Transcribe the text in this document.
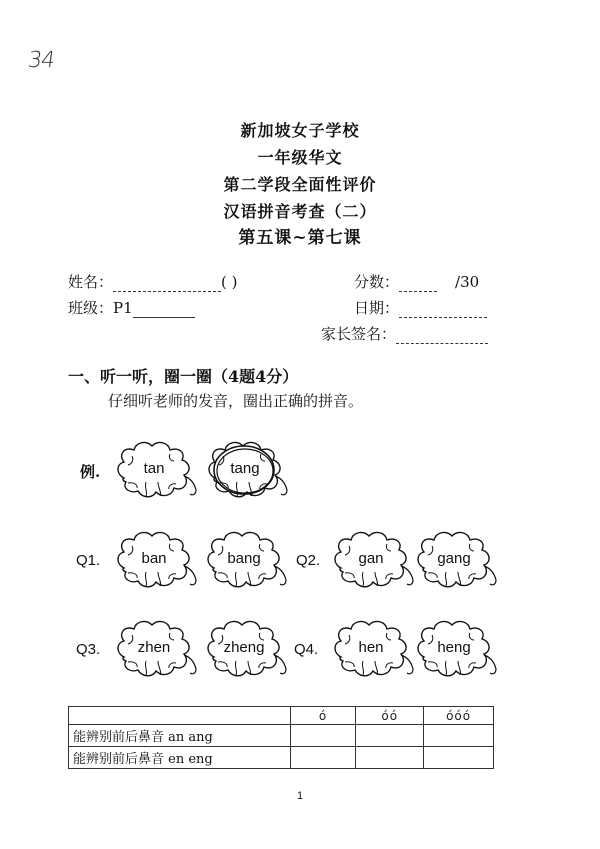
34
新加坡女子学校
一年级华文
第二学段全面性评价
汉语拼音考查（二）
第五课~第七课
姓名：	( )	分数：	/30
班级：P1	日期：
家长签名：
一、听一听，圈一圈（4题4分）
仔细听老师的发音，圈出正确的拼音。
例.	tan	tang
Q1.	ban	bang	Q2.	gan	gang
Q3.	zhen	zheng	Q4.	hen	heng
	ó	óó	óóó
能辨别前后鼻音 an ang			
能辨别前后鼻音 en eng			
1
